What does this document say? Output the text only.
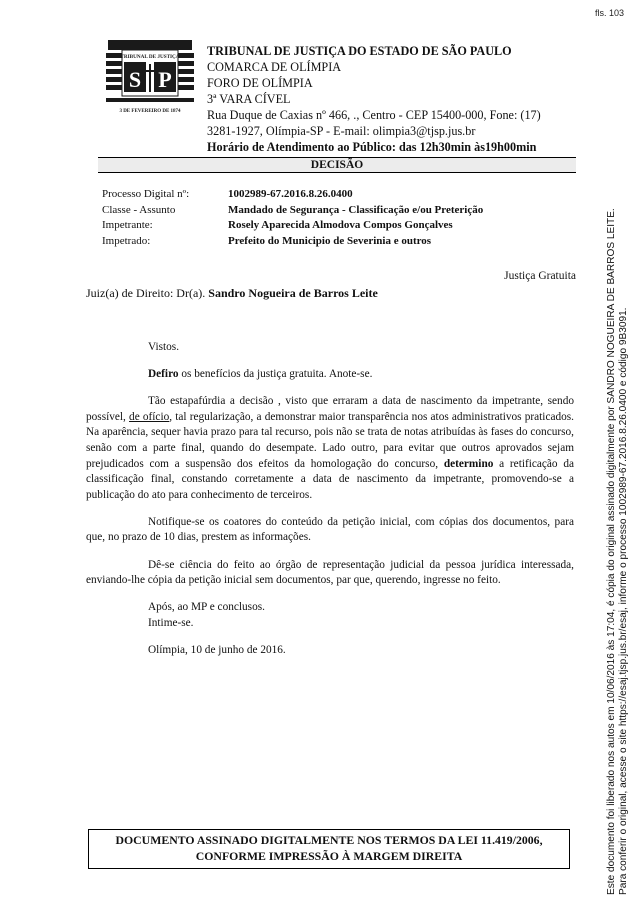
fls. 103
S P
TRIBUNAL DE JUSTIÇA
3 DE FEVEREIRO DE 1874
TRIBUNAL DE JUSTIÇA DO ESTADO DE SÃO PAULO
COMARCA DE OLÍMPIA
FORO DE OLÍMPIA
3ª VARA CÍVEL
Rua Duque de Caxias nº 466, ., Centro - CEP 15400-000, Fone: (17)
3281-1927, Olímpia-SP - E-mail: olimpia3@tjsp.jus.br
Horário de Atendimento ao Público: das 12h30min às19h00min
DECISÃO
Processo Digital nº:	1002989-67.2016.8.26.0400
Classe - Assunto	Mandado de Segurança - Classificação e/ou Preterição
Impetrante:	Rosely Aparecida Almodova Compos Gonçalves
Impetrado:	Prefeito do Municipio de Severinia e outros
Justiça Gratuita
Juiz(a) de Direito: Dr(a). Sandro Nogueira de Barros Leite

Vistos.

Defiro os benefícios da justiça gratuita. Anote-se.

Tão estapafúrdia a decisão , visto que erraram a data de nascimento da impetrante, sendo possível, de ofício, tal regularização, a demonstrar maior transparência nos atos administrativos praticados. Na aparência, sequer havia prazo para tal recurso, pois não se trata de notas atribuídas às fases do concurso, senão com a parte final, quando do desempate. Lado outro, para evitar que outros aprovados sejam prejudicados com a suspensão dos efeitos da homologação do concurso, determino a retificação da classificação final, constando corretamente a data de nascimento da impetrante, promovendo-se a publicação do ato para conhecimento de terceiros.

Notifique-se os coatores do conteúdo da petição inicial, com cópias dos documentos, para que, no prazo de 10 dias, prestem as informações.

Dê-se ciência do feito ao órgão de representação judicial da pessoa jurídica interessada, enviando-lhe cópia da petição inicial sem documentos, par que, querendo, ingresse no feito.

Após, ao MP e conclusos.

Intime-se.

Olímpia, 10 de junho de 2016.

DOCUMENTO ASSINADO DIGITALMENTE NOS TERMOS DA LEI 11.419/2006,
CONFORME IMPRESSÃO À MARGEM DIREITA	Este documento foi liberado nos autos em 10/06/2016 às 17:04, é cópia do original assinado digitalmente por SANDRO NOGUEIRA DE BARROS LEITE. Para conferir o original, acesse o site https://esaj.tjsp.jus.br/esaj, informe o processo 1002989-67.2016.8.26.0400 e código 9B3091.
